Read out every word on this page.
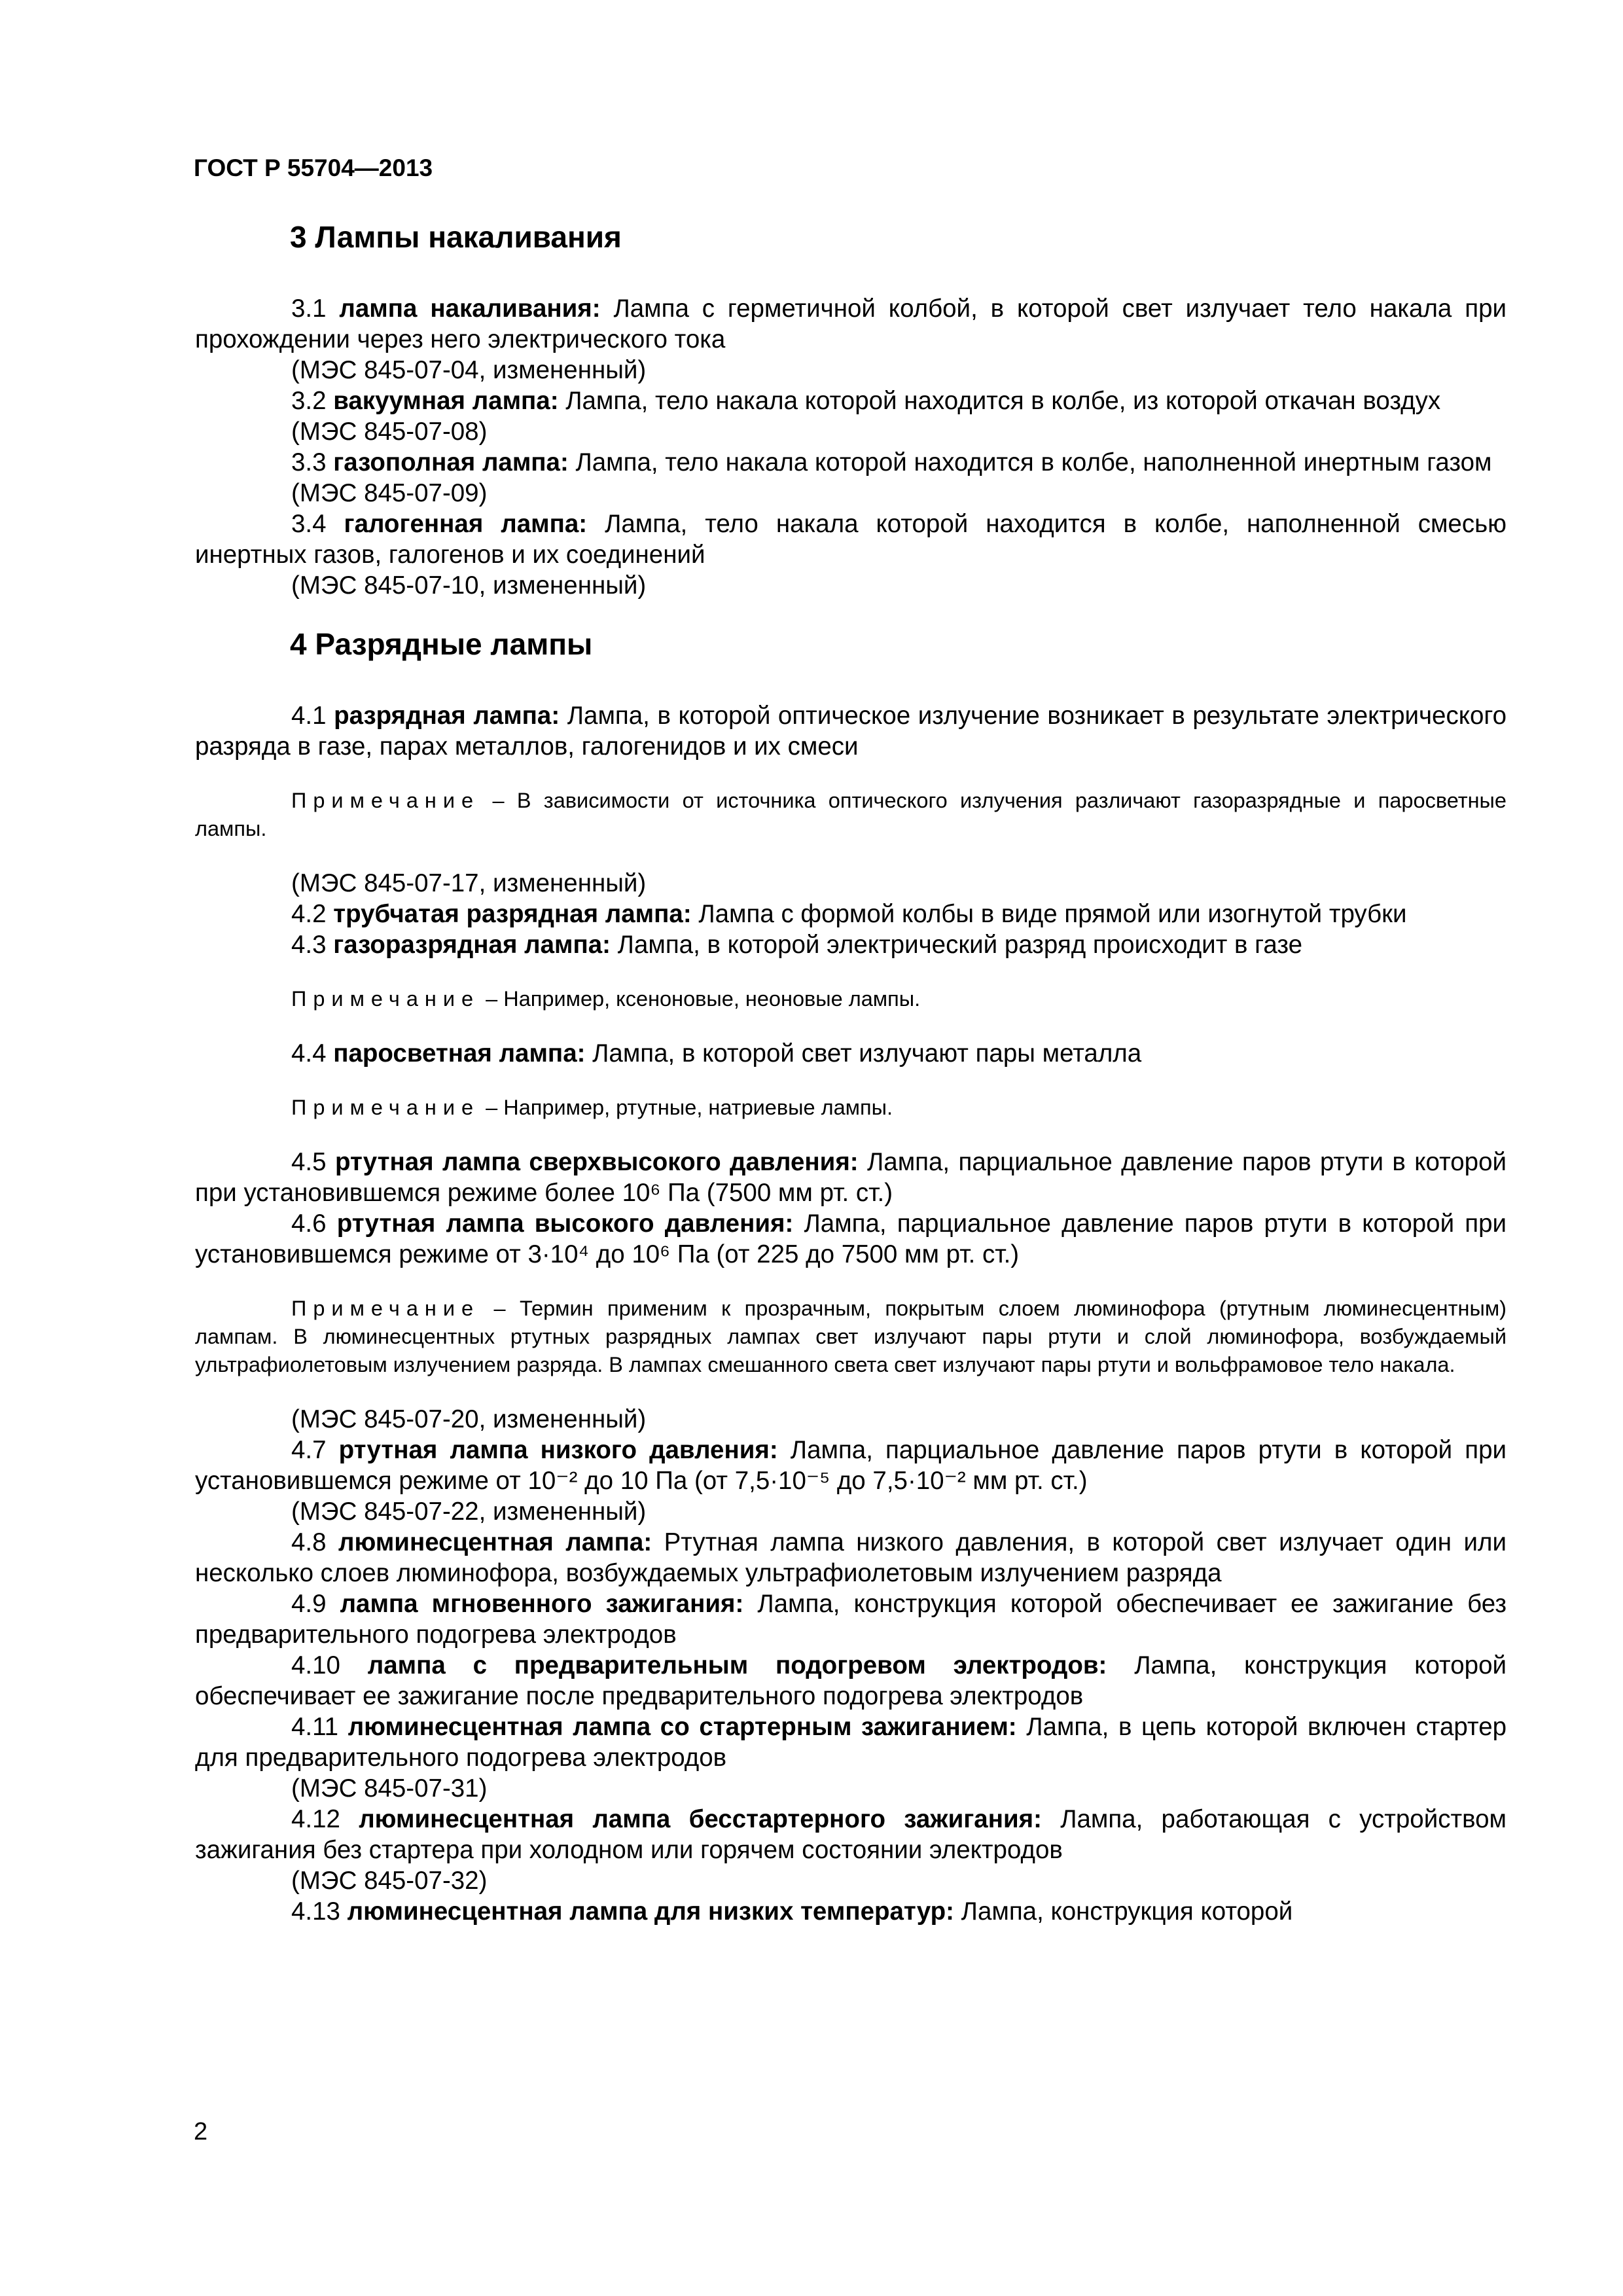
ГОСТ Р 55704—2013

3 Лампы накаливания

3.1 лампа накаливания: Лампа с герметичной колбой, в которой свет излучает тело накала при прохождении через него электрического тока

(МЭС 845-07-04, измененный)

3.2 вакуумная лампа: Лампа, тело накала которой находится в колбе, из которой откачан воздух

(МЭС 845-07-08)

3.3 газополная лампа: Лампа, тело накала которой находится в колбе, наполненной инертным газом

(МЭС 845-07-09)

3.4 галогенная лампа: Лампа, тело накала которой находится в колбе, наполненной смесью инертных газов, галогенов и их соединений

(МЭС 845-07-10, измененный)

4 Разрядные лампы

4.1 разрядная лампа: Лампа, в которой оптическое излучение возникает в результате электрического разряда в газе, парах металлов, галогенидов и их смеси

Примечание – В зависимости от источника оптического излучения различают газоразрядные и паросветные лампы.

(МЭС 845-07-17, измененный)

4.2 трубчатая разрядная лампа: Лампа с формой колбы в виде прямой или изогнутой трубки

4.3 газоразрядная лампа: Лампа, в которой электрический разряд происходит в газе

Примечание – Например, ксеноновые, неоновые лампы.

4.4 паросветная лампа: Лампа, в которой свет излучают пары металла

Примечание – Например, ртутные, натриевые лампы.

4.5 ртутная лампа сверхвысокого давления: Лампа, парциальное давление паров ртути в которой при установившемся режиме более 10⁶ Па (7500 мм рт. ст.)

4.6 ртутная лампа высокого давления: Лампа, парциальное давление паров ртути в которой при установившемся режиме от 3·10⁴ до 10⁶ Па (от 225 до 7500 мм рт. ст.)

Примечание – Термин применим к прозрачным, покрытым слоем люминофора (ртутным люминесцентным) лампам. В люминесцентных ртутных разрядных лампах свет излучают пары ртути и слой люминофора, возбуждаемый ультрафиолетовым излучением разряда. В лампах смешанного света свет излучают пары ртути и вольфрамовое тело накала.

(МЭС 845-07-20, измененный)

4.7 ртутная лампа низкого давления: Лампа, парциальное давление паров ртути в которой при установившемся режиме от 10⁻² до 10 Па (от 7,5·10⁻⁵ до 7,5·10⁻² мм рт. ст.)

(МЭС 845-07-22, измененный)

4.8 люминесцентная лампа: Ртутная лампа низкого давления, в которой свет излучает один или несколько слоев люминофора, возбуждаемых ультрафиолетовым излучением разряда

4.9 лампа мгновенного зажигания: Лампа, конструкция которой обеспечивает ее зажигание без предварительного подогрева электродов

4.10 лампа с предварительным подогревом электродов: Лампа, конструкция которой обеспечивает ее зажигание после предварительного подогрева электродов

4.11 люминесцентная лампа со стартерным зажиганием: Лампа, в цепь которой включен стартер для предварительного подогрева электродов

(МЭС 845-07-31)

4.12 люминесцентная лампа бесстартерного зажигания: Лампа, работающая с устройством зажигания без стартера при холодном или горячем состоянии электродов

(МЭС 845-07-32)

4.13 люминесцентная лампа для низких температур: Лампа, конструкция которой

2
